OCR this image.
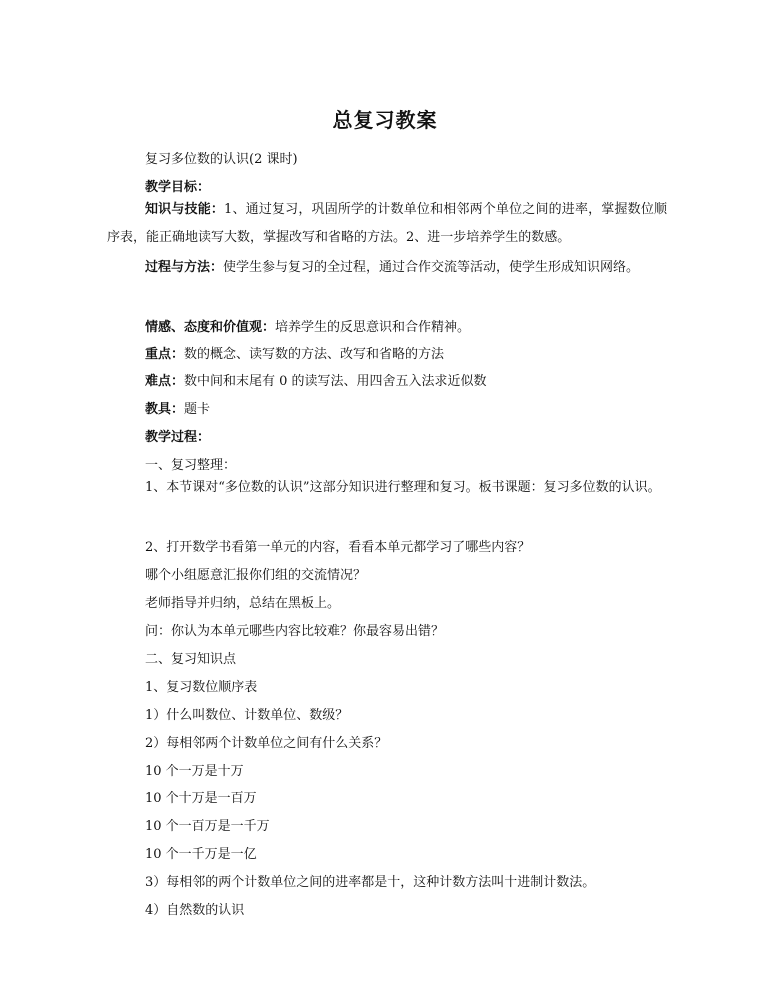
总复习教案
复习多位数的认识(2 课时)
教学目标：
知识与技能：1、通过复习，巩固所学的计数单位和相邻两个单位之间的进率，掌握数位顺序表，能正确地读写大数，掌握改写和省略的方法。2、进一步培养学生的数感。
过程与方法：使学生参与复习的全过程，通过合作交流等活动，使学生形成知识网络。
情感、态度和价值观：培养学生的反思意识和合作精神。
重点：数的概念、读写数的方法、改写和省略的方法
难点：数中间和末尾有 0 的读写法、用四舍五入法求近似数
教具：题卡
教学过程：
一、复习整理：
1、本节课对“多位数的认识”这部分知识进行整理和复习。板书课题：复习多位数的认识。
2、打开数学书看第一单元的内容，看看本单元都学习了哪些内容？
哪个小组愿意汇报你们组的交流情况？
老师指导并归纳，总结在黑板上。
问：你认为本单元哪些内容比较难？你最容易出错？
二、复习知识点
1、复习数位顺序表
1）什么叫数位、计数单位、数级？
2）每相邻两个计数单位之间有什么关系？
10 个一万是十万
10 个十万是一百万
10 个一百万是一千万
10 个一千万是一亿
3）每相邻的两个计数单位之间的进率都是十，这种计数方法叫十进制计数法。
4）自然数的认识
